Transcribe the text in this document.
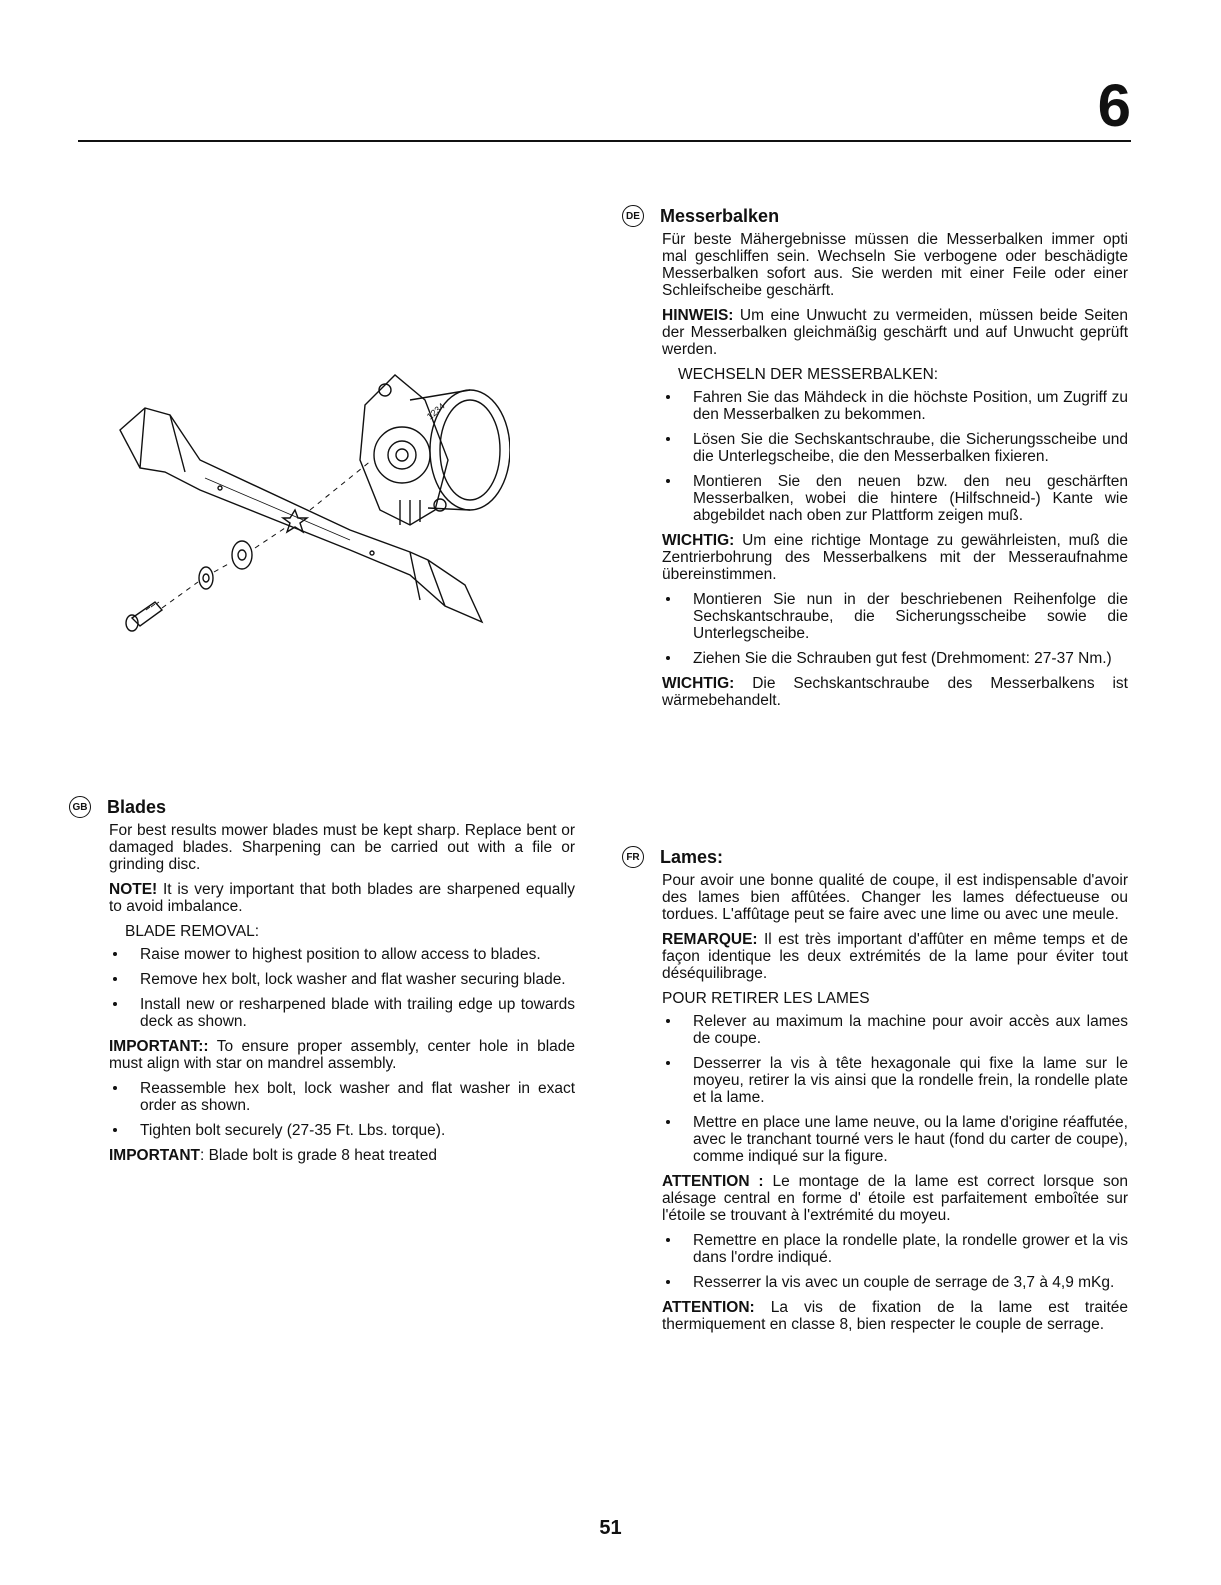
6
1234
GB Blades

For best results mower blades must be kept sharp. Replace bent or damaged blades. Sharpening can be carried out with a file or grinding disc.

NOTE! It is very important that both blades are sharpened equally to avoid imbalance.

BLADE REMOVAL:
Raise mower to highest position to allow access to blades.
Remove hex bolt, lock washer and flat washer securing blade.
Install new or resharpened blade with trailing edge up towards deck as shown.

IMPORTANT:: To ensure proper assembly, center hole in blade must align with star on mandrel assembly.

Reassemble hex bolt, lock washer and flat washer in exact order as shown.
Tighten bolt securely (27-35 Ft. Lbs. torque).

IMPORTANT: Blade bolt is grade 8 heat treated

DE Messerbalken

Für beste Mähergebnisse müssen die Messerbalken immer opti mal geschliffen sein. Wechseln Sie verbogene oder beschädigte Messerbalken sofort aus. Sie werden mit einer Feile oder einer Schleifscheibe geschärft.

HINWEIS: Um eine Unwucht zu vermeiden, müssen beide Seiten der Messerbalken gleichmäßig geschärft und auf Unwucht geprüft werden.

WECHSELN DER MESSERBALKEN:
Fahren Sie das Mähdeck in die höchste Position, um Zugriff zu den Messerbalken zu bekommen.
Lösen Sie die Sechskantschraube, die Sicherungsscheibe und die Unterlegscheibe, die den Messerbalken fixieren.
Montieren Sie den neuen bzw. den neu geschärften Messerbalken, wobei die hintere (Hilfschneid-) Kante wie abgebildet nach oben zur Plattform zeigen muß.

WICHTIG: Um eine richtige Montage zu gewährleisten, muß die Zentrierbohrung des Messerbalkens mit der Messeraufnahme übereinstimmen.

Montieren Sie nun in der beschriebenen Reihenfolge die Sechskantschraube, die Sicherungsscheibe sowie die Unterlegscheibe.
Ziehen Sie die Schrauben gut fest (Drehmoment: 27-37 Nm.)

WICHTIG: Die Sechskantschraube des Messerbalkens ist wärmebehandelt.

FR Lames:

Pour avoir une bonne qualité de coupe, il est indispensable d'avoir des lames bien affûtées. Changer les lames défectueuse ou tordues. L'affûtage peut se faire avec une lime ou avec une meule.

REMARQUE: Il est très important d'affûter en même temps et de façon identique les deux extrémités de la lame pour éviter tout déséquilibrage.

POUR RETIRER LES LAMES
Relever au maximum la machine pour avoir accès aux lames de coupe.
Desserrer la vis à tête hexagonale qui fixe la lame sur le moyeu, retirer la vis ainsi que la rondelle frein, la rondelle plate et la lame.
Mettre en place une lame neuve, ou la lame d'origine réaffutée, avec le tranchant tourné vers le haut (fond du carter de coupe), comme indiqué sur la figure.

ATTENTION : Le montage de la lame est correct lorsque son alésage central en forme d' étoile est parfaitement emboîtée sur l'étoile se trouvant à l'extrémité du moyeu.

Remettre en place la rondelle plate, la rondelle grower et la vis dans l'ordre indiqué.
Resserrer la vis avec un couple de serrage de 3,7 à 4,9 mKg.

ATTENTION: La vis de fixation de la lame est traitée thermiquement en classe 8, bien respecter le couple de serrage.

51
